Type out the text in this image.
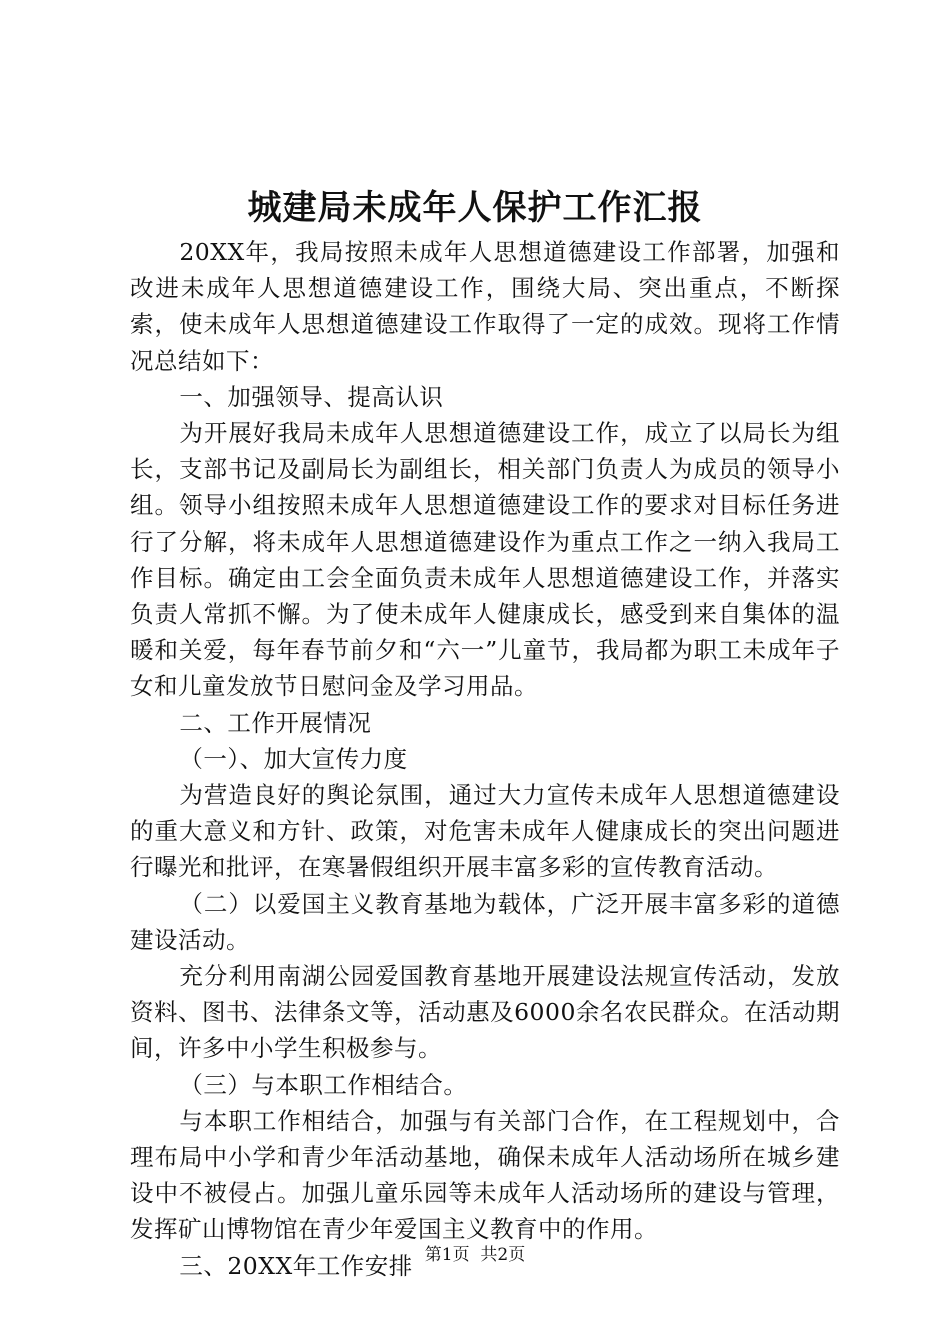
城建局未成年人保护工作汇报

20XX年，我局按照未成年人思想道德建设工作部署，加强和改进未成年人思想道德建设工作，围绕大局、突出重点，不断探索，使未成年人思想道德建设工作取得了一定的成效。现将工作情况总结如下：

一、加强领导、提高认识

为开展好我局未成年人思想道德建设工作，成立了以局长为组长，支部书记及副局长为副组长，相关部门负责人为成员的领导小组。领导小组按照未成年人思想道德建设工作的要求对目标任务进行了分解，将未成年人思想道德建设作为重点工作之一纳入我局工作目标。确定由工会全面负责未成年人思想道德建设工作，并落实负责人常抓不懈。为了使未成年人健康成长，感受到来自集体的温暖和关爱，每年春节前夕和“六一”儿童节，我局都为职工未成年子女和儿童发放节日慰问金及学习用品。

二、工作开展情况

（一）、加大宣传力度

为营造良好的舆论氛围，通过大力宣传未成年人思想道德建设的重大意义和方针、政策，对危害未成年人健康成长的突出问题进行曝光和批评，在寒暑假组织开展丰富多彩的宣传教育活动。

（二）以爱国主义教育基地为载体，广泛开展丰富多彩的道德建设活动。

充分利用南湖公园爱国教育基地开展建设法规宣传活动，发放资料、图书、法律条文等，活动惠及6000余名农民群众。在活动期间，许多中小学生积极参与。

（三）与本职工作相结合。

与本职工作相结合，加强与有关部门合作，在工程规划中，合理布局中小学和青少年活动基地，确保未成年人活动场所在城乡建设中不被侵占。加强儿童乐园等未成年人活动场所的建设与管理，发挥矿山博物馆在青少年爱国主义教育中的作用。

三、20XX年工作安排 第1页  共2页
